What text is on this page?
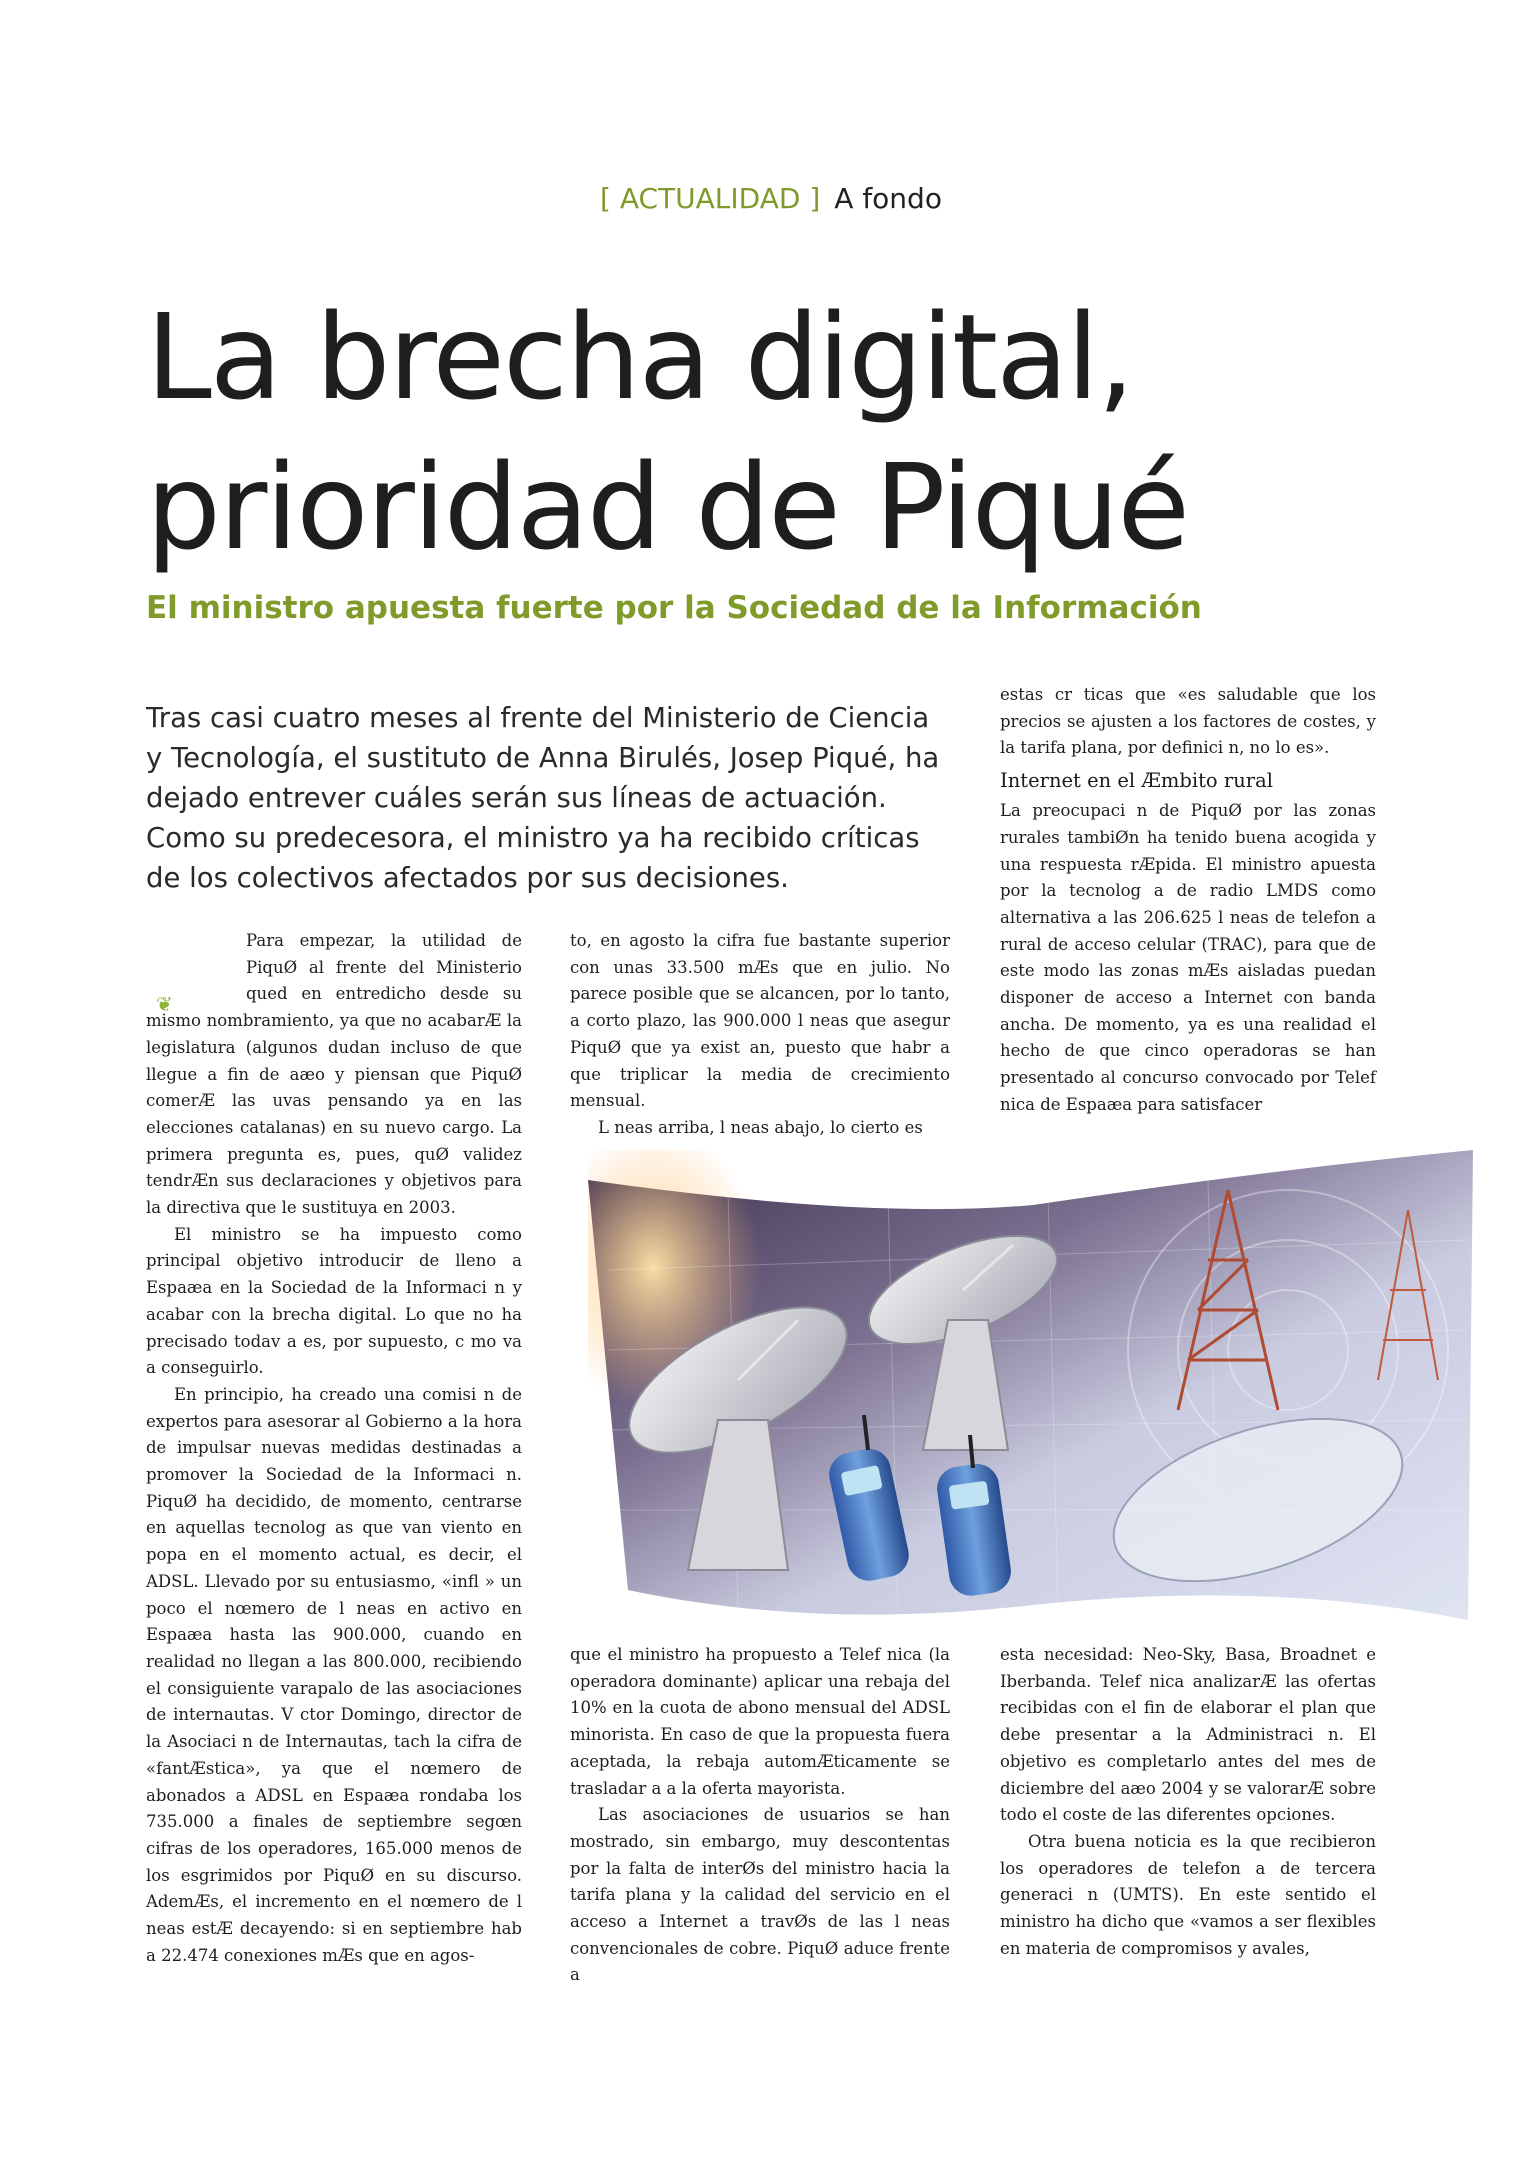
[ ACTUALIDAD ] A fondo
La brecha digital,
prioridad de Piqué
El ministro apuesta fuerte por la Sociedad de la Información

Tras casi cuatro meses al frente del Ministerio de Ciencia y Tecnología, el sustituto de Anna Birulés, Josep Piqué, ha dejado entrever cuáles serán sus líneas de actuación. Como su predecesora, el ministro ya ha recibido críticas de los colectivos afectados por sus decisiones.

❦

Para empezar, la utilidad de PiquØ al frente del Ministerio qued en entredicho desde su mismo nombramiento, ya que no acabarÆ la legislatura (algunos dudan incluso de que llegue a fin de aæo y piensan que PiquØ comerÆ las uvas pensando ya en las elecciones catalanas) en su nuevo cargo. La primera pregunta es, pues, quØ validez tendrÆn sus declaraciones y objetivos para la directiva que le sustituya en 2003.

El ministro se ha impuesto como principal objetivo introducir de lleno a Espaæa en la Sociedad de la Informaci n y acabar con la brecha digital. Lo que no ha precisado todav a es, por supuesto, c mo va a conseguirlo.

En principio, ha creado una comisi n de expertos para asesorar al Gobierno a la hora de impulsar nuevas medidas destinadas a promover la Sociedad de la Informaci n. PiquØ ha decidido, de momento, centrarse en aquellas tecnolog as que van viento en popa en el momento actual, es decir, el ADSL. Llevado por su entusiasmo, «infl » un poco el nœmero de l neas en activo en Espaæa hasta las 900.000, cuando en realidad no llegan a las 800.000, recibiendo el consiguiente varapalo de las asociaciones de internautas. V ctor Domingo, director de la Asociaci n de Internautas, tach la cifra de «fantÆstica», ya que el nœmero de abonados a ADSL en Espaæa rondaba los 735.000 a finales de septiembre segœn cifras de los operadores, 165.000 menos de los esgrimidos por PiquØ en su discurso. AdemÆs, el incremento en el nœmero de l neas estÆ decayendo: si en septiembre hab a 22.474 conexiones mÆs que en agos-

to, en agosto la cifra fue bastante superior con unas 33.500 mÆs que en julio. No parece posible que se alcancen, por lo tanto, a corto plazo, las 900.000 l neas que asegur PiquØ que ya exist an, puesto que habr a que triplicar la media de crecimiento mensual.

L neas arriba, l neas abajo, lo cierto es

estas cr ticas que «es saludable que los precios se ajusten a los factores de costes, y la tarifa plana, por definici n, no lo es».

Internet en el Æmbito rural

La preocupaci n de PiquØ por las zonas rurales tambiØn ha tenido buena acogida y una respuesta rÆpida. El ministro apuesta por la tecnolog a de radio LMDS como alternativa a las 206.625 l neas de telefon a rural de acceso celular (TRAC), para que de este modo las zonas mÆs aisladas puedan disponer de acceso a Internet con banda ancha. De momento, ya es una realidad el hecho de que cinco operadoras se han presentado al concurso convocado por Telef nica de Espaæa para satisfacer

que el ministro ha propuesto a Telef nica (la operadora dominante) aplicar una rebaja del 10% en la cuota de abono mensual del ADSL minorista. En caso de que la propuesta fuera aceptada, la rebaja automÆticamente se trasladar a a la oferta mayorista.

Las asociaciones de usuarios se han mostrado, sin embargo, muy descontentas por la falta de interØs del ministro hacia la tarifa plana y la calidad del servicio en el acceso a Internet a travØs de las l neas convencionales de cobre. PiquØ aduce frente a

esta necesidad: Neo-Sky, Basa, Broadnet e Iberbanda. Telef nica analizarÆ las ofertas recibidas con el fin de elaborar el plan que debe presentar a la Administraci n. El objetivo es completarlo antes del mes de diciembre del aæo 2004 y se valorarÆ sobre todo el coste de las diferentes opciones.

Otra buena noticia es la que recibieron los operadores de telefon a de tercera generaci n (UMTS). En este sentido el ministro ha dicho que «vamos a ser flexibles en materia de compromisos y avales,
